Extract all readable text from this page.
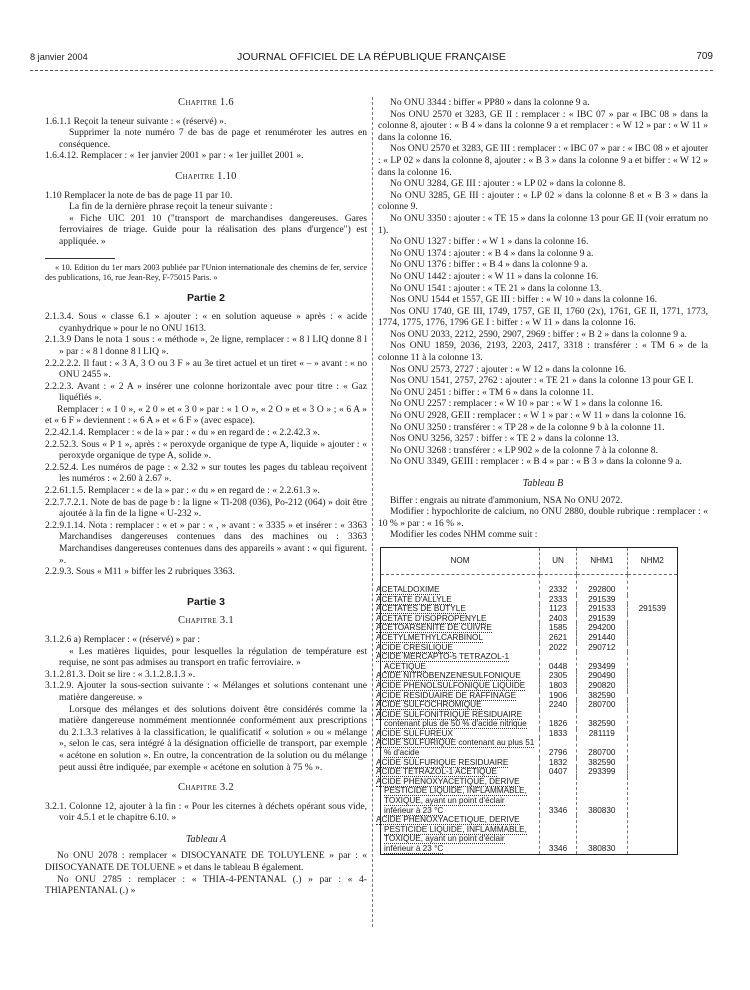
8 janvier 2004	JOURNAL OFFICIEL DE LA RÉPUBLIQUE FRANÇAISE	709
Chapitre 1.6

1.6.1.1 Reçoit la teneur suivante : « (réservé) ».

Supprimer la note numéro 7 de bas de page et renuméroter les autres en conséquence.

1.6.4.12. Remplacer : « 1er janvier 2001 » par : « 1er juillet 2001 ».

Chapitre 1.10

1.10 Remplacer la note de bas de page 11 par 10.

La fin de la dernière phrase reçoit la teneur suivante :

« Fiche UIC 201 10 ("transport de marchandises dangereuses. Gares ferroviaires de triage. Guide pour la réalisation des plans d'urgence") est appliquée. »

« 10. Edition du 1er mars 2003 publiée par l'Union internationale des chemins de fer, service des publications, 16, rue Jean-Rey, F-75015 Paris. »

Partie 2

2.1.3.4. Sous « classe 6.1 » ajouter : « en solution aqueuse » après : « acide cyanhydrique » pour le no ONU 1613.

2.1.3.9 Dans le nota 1 sous : « méthode », 2e ligne, remplacer : « 8 l LIQ donne 8 l » par : « 8 l donne 8 l LIQ ».

2.2.2.2.2. Il faut : « 3 A, 3 O ou 3 F » au 3e tiret actuel et un tiret « – » avant : « no ONU 2455 ».

2.2.2.3. Avant : « 2 A » insérer une colonne horizontale avec pour titre : « Gaz liquéfiés ».

Remplacer : « 1 0 », « 2 0 » et « 3 0 » par : « 1 O », « 2 O » et « 3 O » ; « 6 A » et « 6 F » deviennent : « 6 A » et « 6 F » (avec espace).

2.2.42.1.4. Remplacer : « de la » par : « du » en regard de : « 2.2.42.3 ».

2.2.52.3. Sous « P 1 », après : « peroxyde organique de type A, liquide » ajouter : « peroxyde organique de type A, solide ».

2.2.52.4. Les numéros de page : « 2.32 » sur toutes les pages du tableau reçoivent les numéros : « 2.60 à 2.67 ».

2.2.61.1.5. Remplacer : « de la » par : « du » en regard de : « 2.2.61.3 ».

2.2.7.7.2.1. Note de bas de page b : la ligne « Tl-208 (036), Po-212 (064) » doit être ajoutée à la fin de la ligne « U-232 ».

2.2.9.1.14. Nota : remplacer : « et » par : « , » avant : « 3335 » et insérer : « 3363 Marchandises dangereuses contenues dans des machines ou : 3363 Marchandises dangereuses contenues dans des appareils » avant : « qui figurent. ».

2.2.9.3. Sous « M11 » biffer les 2 rubriques 3363.

Partie 3
Chapitre 3.1

3.1.2.6 a) Remplacer : « (réservé) » par :

« Les matières liquides, pour lesquelles la régulation de température est requise, ne sont pas admises au transport en trafic ferroviaire. »

3.1.2.81.3. Doit se lire : « 3.1.2.8.1.3 ».

3.1.2.9. Ajouter la sous-section suivante : « Mélanges et solutions contenant une matière dangereuse. »

Lorsque des mélanges et des solutions doivent être considérés comme la matière dangereuse nommément mentionnée conformément aux prescriptions du 2.1.3.3 relatives à la classification, le qualificatif « solution » ou « mélange », selon le cas, sera intégré à la désignation officielle de transport, par exemple « acétone en solution ». En outre, la concentration de la solution ou du mélange peut aussi être indiquée, par exemple « acétone en solution à 75 % ».

Chapitre 3.2

3.2.1. Colonne 12, ajouter à la fin : « Pour les citernes à déchets opérant sous vide, voir 4.5.1 et le chapitre 6.10. »

Tableau A

No ONU 2078 : remplacer « DISOCYANATE DE TOLUYLENE » par : « DIISOCYANATE DE TOLUENE » et dans le tableau B également.

No ONU 2785 : remplacer : « THIA-4-PENTANAL (.) » par : « 4-THIAPENTANAL (.) »

No ONU 3344 : biffer « PP80 » dans la colonne 9 a.

Nos ONU 2570 et 3283, GE II : remplacer : « IBC 07 » par « IBC 08 » dans la colonne 8, ajouter : « B 4 » dans la colonne 9 a et remplacer : « W 12 » par : « W 11 » dans la colonne 16.

Nos ONU 2570 et 3283, GE III : remplacer : « IBC 07 » par : « IBC 08 » et ajouter : « LP 02 » dans la colonne 8, ajouter : « B 3 » dans la colonne 9 a et biffer : « W 12 » dans la colonne 16.

No ONU 3284, GE III : ajouter : « LP 02 » dans la colonne 8.

No ONU 3285, GE III : ajouter : « LP 02 » dans la colonne 8 et « B 3 » dans la colonne 9.

No ONU 3350 : ajouter : « TE 15 » dans la colonne 13 pour GE II (voir erratum no 1).

No ONU 1327 : biffer : « W 1 » dans la colonne 16.

No ONU 1374 : ajouter : « B 4 » dans la colonne 9 a.

No ONU 1376 : biffer : « B 4 » dans la colonne 9 a.

No ONU 1442 : ajouter : « W 11 » dans la colonne 16.

No ONU 1541 : ajouter : « TE 21 » dans la colonne 13.

Nos ONU 1544 et 1557, GE III : biffer : « W 10 » dans la colonne 16.

Nos ONU 1740, GE III, 1749, 1757, GE II, 1760 (2x), 1761, GE II, 1771, 1773, 1774, 1775, 1776, 1796 GE I : biffer : « W 11 » dans la colonne 16.

Nos ONU 2033, 2212, 2590, 2907, 2969 : biffer : « B 2 » dans la colonne 9 a.

Nos ONU 1859, 2036, 2193, 2203, 2417, 3318 : transférer : « TM 6 » de la colonne 11 à la colonne 13.

Nos ONU 2573, 2727 : ajouter : « W 12 » dans la colonne 16.

Nos ONU 1541, 2757, 2762 : ajouter : « TE 21 » dans la colonne 13 pour GE I.

No ONU 2451 : biffer : « TM 6 » dans la colonne 11.

No ONU 2257 : remplacer : « W 10 » par : « W 1 » dans la colonne 16.

No ONU 2928, GEII : remplacer : « W 1 » par : « W 11 » dans la colonne 16.

No ONU 3250 : transférer : « TP 28 » de la colonne 9 b à la colonne 11.

Nos ONU 3256, 3257 : biffer : « TE 2 » dans la colonne 13.

No ONU 3268 : transférer : « LP 902 » de la colonne 7 à la colonne 8.

No ONU 3349, GEIII : remplacer : « B 4 » par : « B 3 » dans la colonne 9 a.

Tableau B

Biffer : engrais au nitrate d'ammonium, NSA No ONU 2072.

Modifier : hypochlorite de calcium, no ONU 2880, double rubrique : remplacer : « 10 % » par : « 16 % ».

Modifier les codes NHM comme suit :

NOM	UN	NHM1	NHM2
ACETALDOXIME	2332	292800	
ACETATE D'ALLYLE	2333	291539	
ACETATES DE BUTYLE	1123	291533	291539
ACETATE D'ISOPROPENYLE	2403	291539	
ACETOARSENITE DE CUIVRE	1585	294200	
ACETYLMETHYLCARBINOL	2621	291440	
ACIDE CRESILIQUE	2022	290712	
ACIDE MERCAPTO-5 TETRAZOL-1 ACETIQUE	0448	293499	
ACIDE NITROBENZENESULFONIQUE	2305	290490	
ACIDE PHENOLSULFONIQUE LIQUIDE	1803	290820	
ACIDE RESIDUAIRE DE RAFFINAGE	1906	382590	
ACIDE SULFOCHROMIQUE	2240	280700	
ACIDE SULFONITRIQUE RESIDUAIRE contenant plus de 50 % d'acide nitrique	1826	382590	
ACIDE SULFUREUX	1833	281119	
ACIDE SULFURIQUE contenant au plus 51 % d'acide	2796	280700	
ACIDE SULFURIQUE RESIDUAIRE	1832	382590	
ACIDE TETRAZOL-1 ACETIQUE	0407	293399	
ACIDE PHENOXYACETIQUE, DERIVE PESTICIDE LIQUIDE, INFLAMMABLE, TOXIQUE, ayant un point d'éclair inférieur à 23 °C	3346	380830	
ACIDE PHENOXYACETIQUE, DERIVE PESTICIDE LIQUIDE, INFLAMMABLE, TOXIQUE, ayant un point d'éclair inférieur à 23 °C	3346	380830	
